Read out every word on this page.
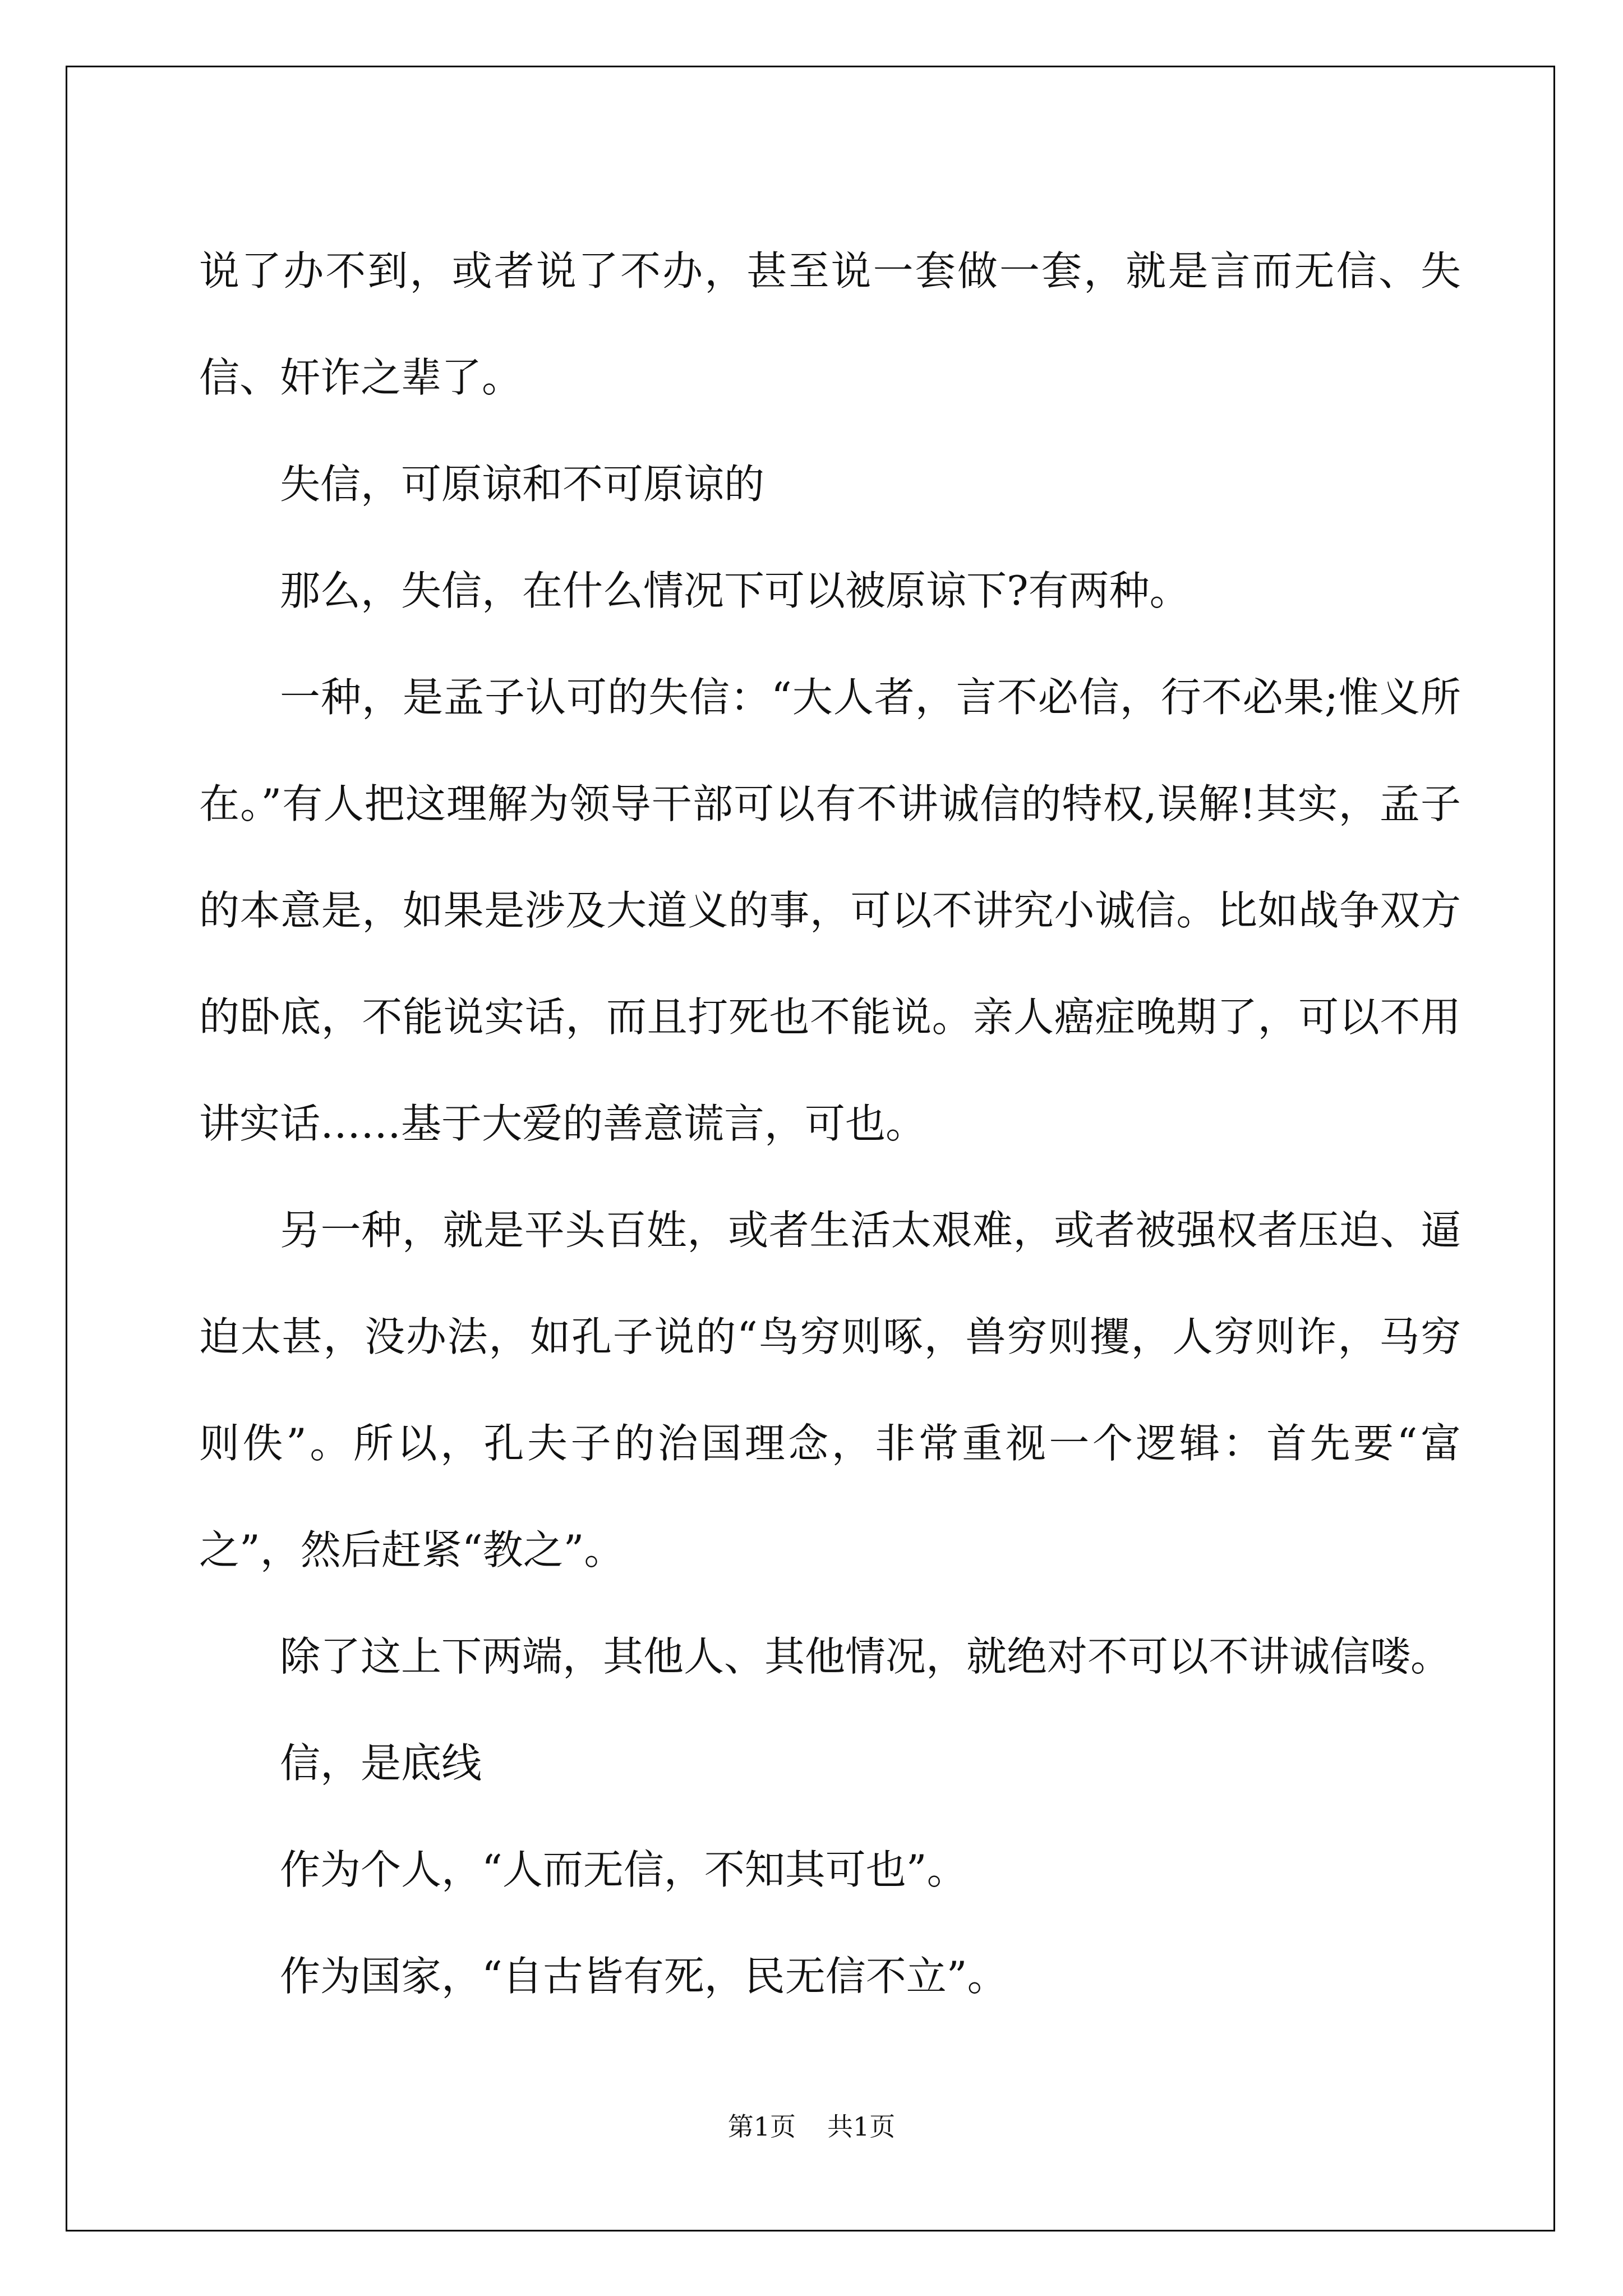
说了办不到，或者说了不办，甚至说一套做一套，就是言而无信、失信、奸诈之辈了。

失信，可原谅和不可原谅的

那么，失信，在什么情况下可以被原谅下?有两种。

一种，是孟子认可的失信：“大人者，言不必信，行不必果;惟义所在。”有人把这理解为领导干部可以有不讲诚信的特权,误解!其实，孟子的本意是，如果是涉及大道义的事，可以不讲究小诚信。比如战争双方的卧底，不能说实话，而且打死也不能说。亲人癌症晚期了，可以不用讲实话……基于大爱的善意谎言，可也。

另一种，就是平头百姓，或者生活太艰难，或者被强权者压迫、逼迫太甚，没办法，如孔子说的“鸟穷则啄，兽穷则攫，人穷则诈，马穷则佚”。所以，孔夫子的治国理念，非常重视一个逻辑：首先要“富之”，然后赶紧“教之”。

除了这上下两端，其他人、其他情况，就绝对不可以不讲诚信喽。

信，是底线

作为个人，“人而无信，不知其可也”。

作为国家，“自古皆有死，民无信不立”。

第1页 共1页
